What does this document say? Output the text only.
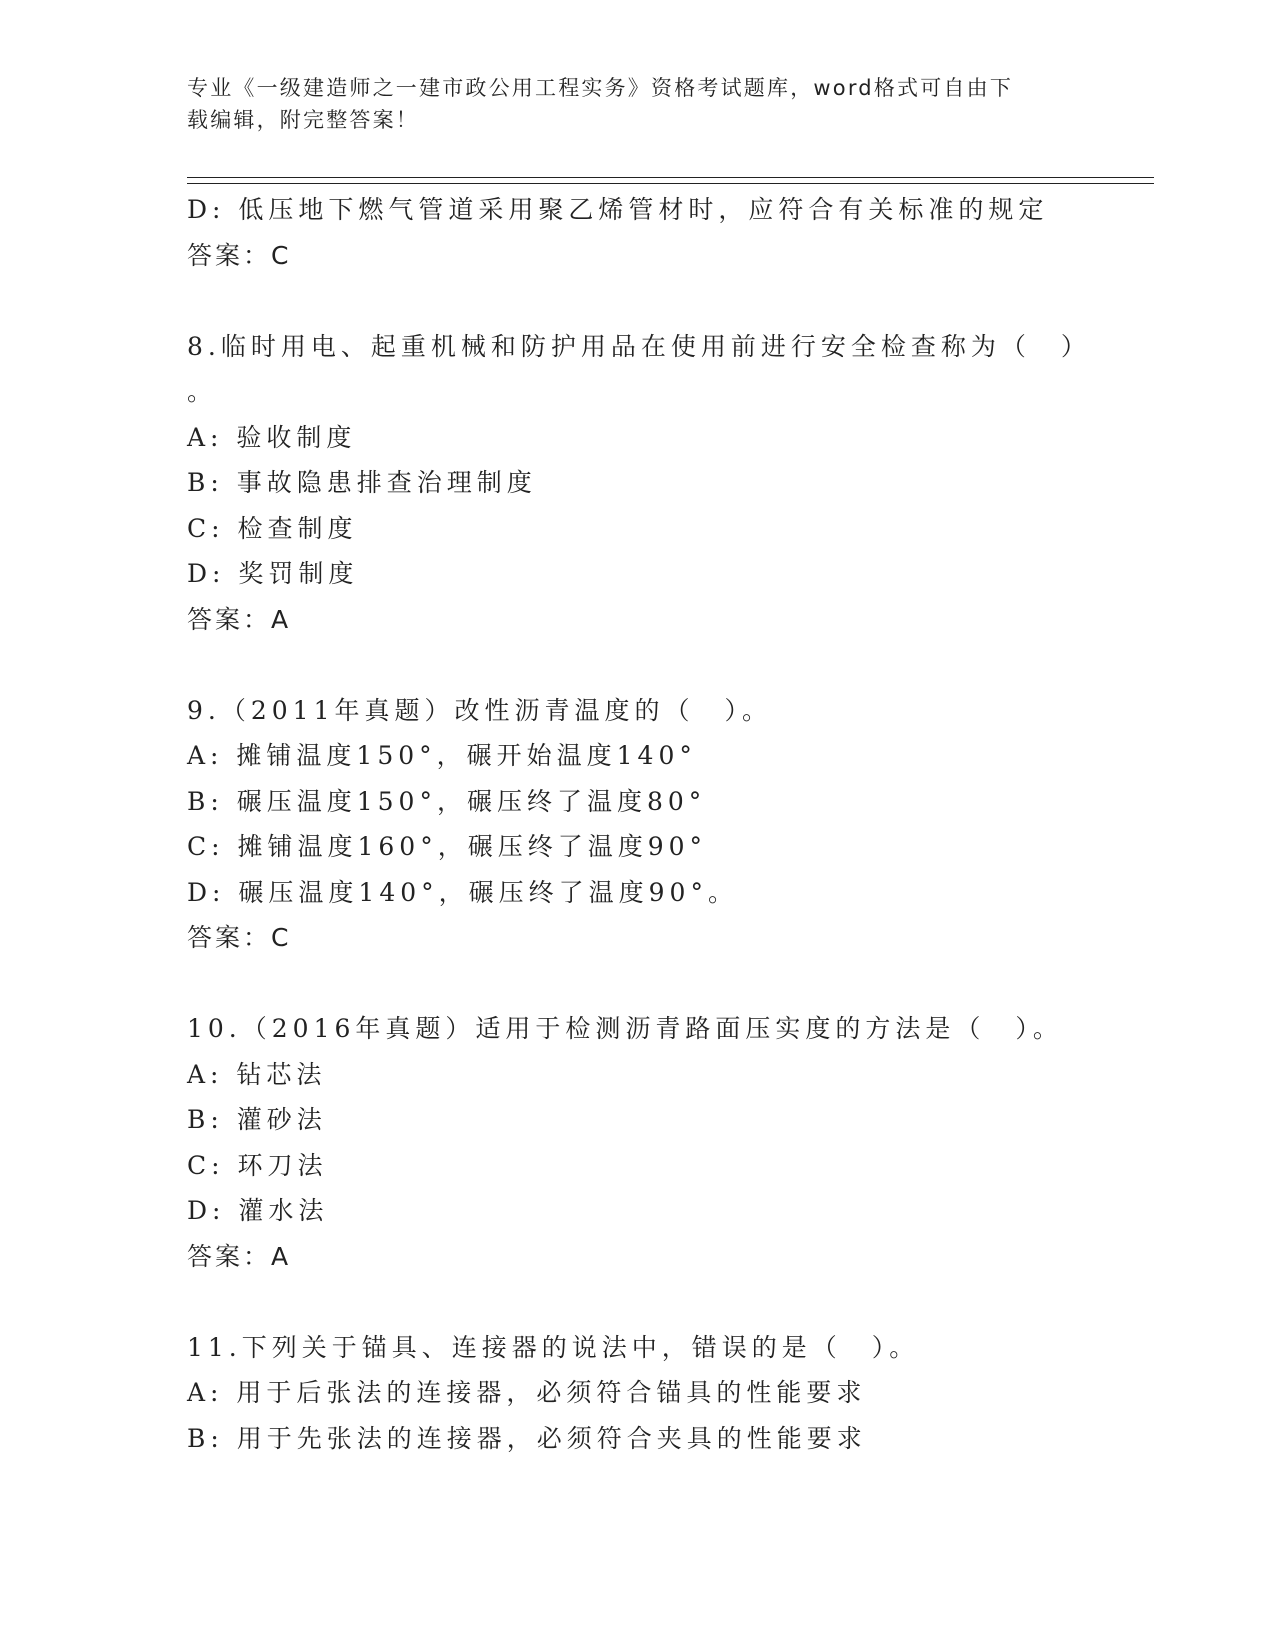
专业《一级建造师之一建市政公用工程实务》资格考试题库，word格式可自由下
载编辑，附完整答案！
D: 低压地下燃气管道采用聚乙烯管材时，应符合有关标准的规定
答案：C
8.临时用电、起重机械和防护用品在使用前进行安全检查称为（　）
。
A: 验收制度
B: 事故隐患排查治理制度
C: 检查制度
D: 奖罚制度
答案：A
9.（2011年真题）改性沥青温度的（　）。
A: 摊铺温度150°，碾开始温度140°
B: 碾压温度150°，碾压终了温度80°
C: 摊铺温度160°，碾压终了温度90°
D: 碾压温度140°，碾压终了温度90°。
答案：C
10.（2016年真题）适用于检测沥青路面压实度的方法是（　）。
A: 钻芯法
B: 灌砂法
C: 环刀法
D: 灌水法
答案：A
11.下列关于锚具、连接器的说法中，错误的是（　）。
A: 用于后张法的连接器，必须符合锚具的性能要求
B: 用于先张法的连接器，必须符合夹具的性能要求
